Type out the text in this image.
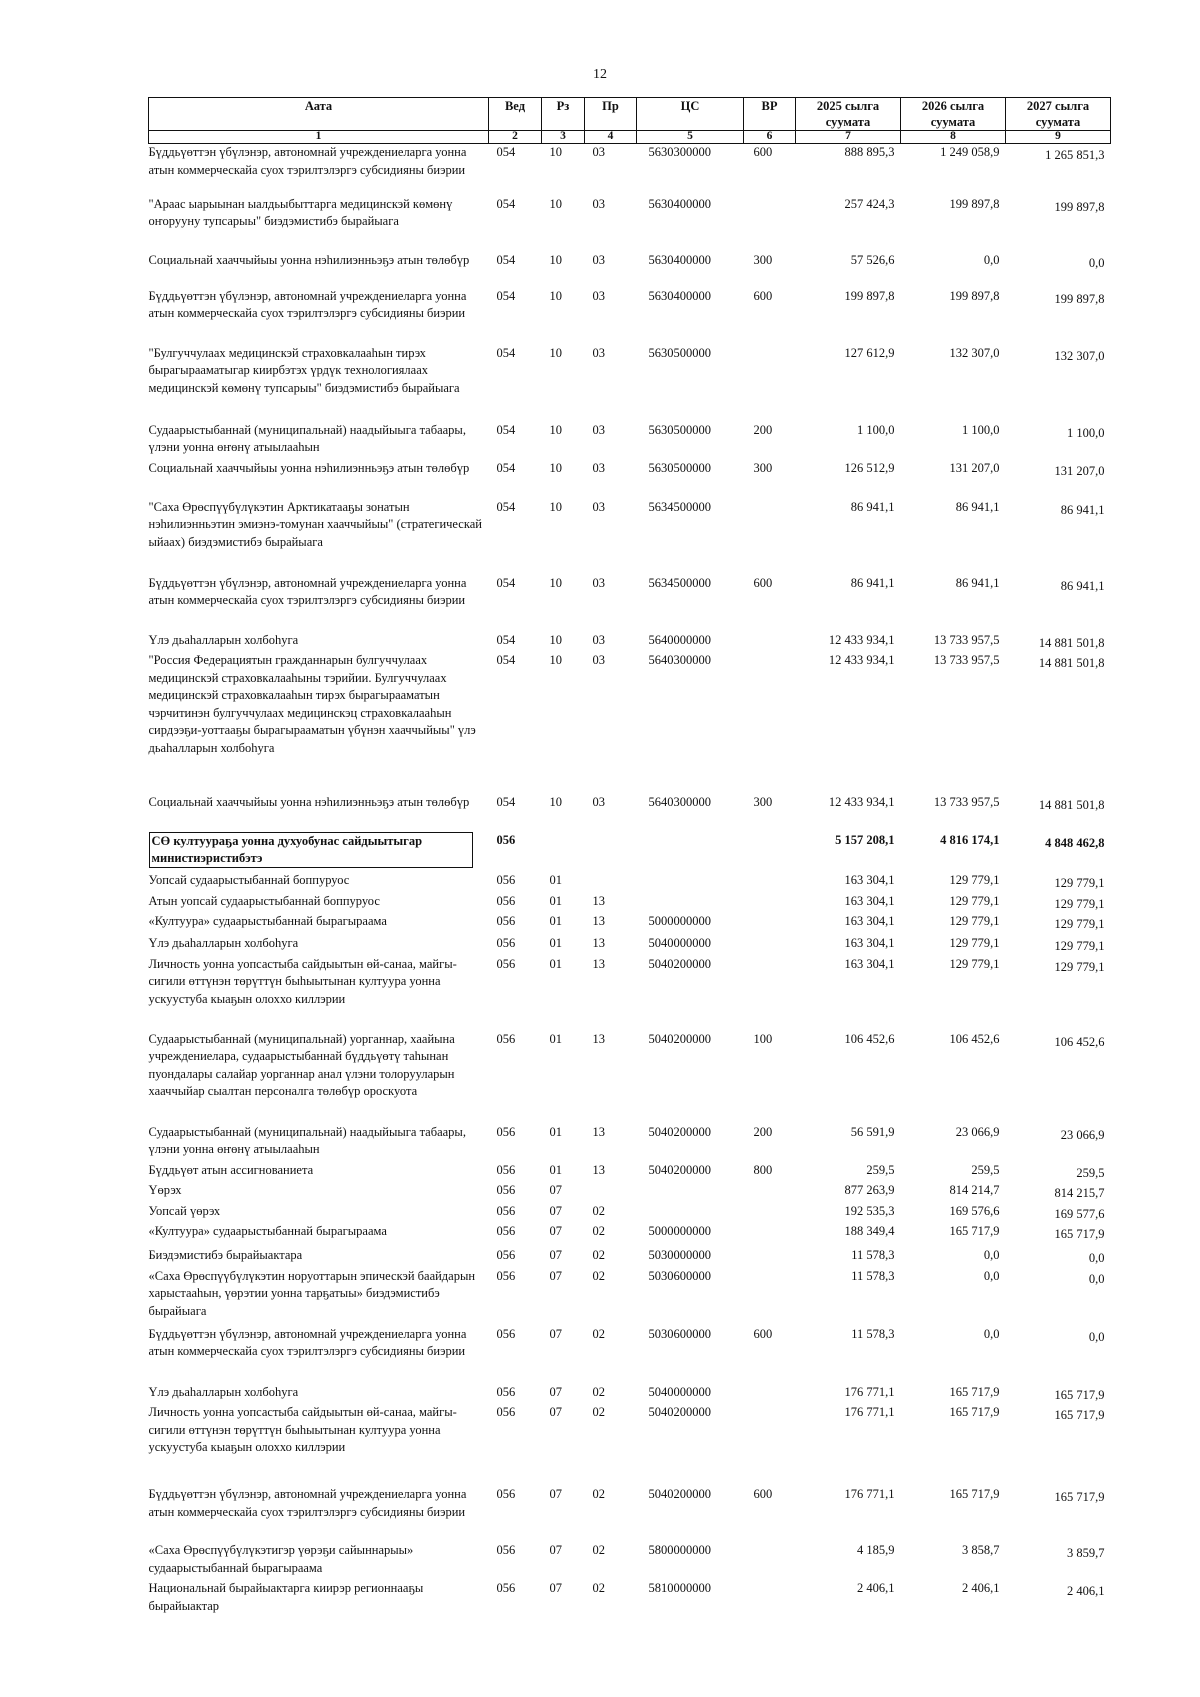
12
Аата	Вед	Рз	Пр	ЦС	ВР	2025 сылга суумата	2026 сылга суумата	2027 сылга суумата
1	2	3	4	5	6	7	8	9
Бүддьүөттэн үбүлэнэр, автономнай учреждениеларга уонна атын коммерческайа суох тэрилтэлэргэ субсидияны биэрии	054	10	03	5630300000	600	888 895,3	1 249 058,9	1 265 851,3
"Араас ыарыынан ыалдьыбыттарга медицинскэй көмөнү оҥорууну тупсарыы" биэдэмистибэ бырайыага	054	10	03	5630400000		257 424,3	199 897,8	199 897,8
Социальнай хааччыйыы уонна нэһилиэнньэҕэ атын төлөбүр	054	10	03	5630400000	300	57 526,6	0,0	0,0
Бүддьүөттэн үбүлэнэр, автономнай учреждениеларга уонна атын коммерческайа суох тэрилтэлэргэ субсидияны биэрии	054	10	03	5630400000	600	199 897,8	199 897,8	199 897,8
"Булгуччулаах медицинскэй страховкалааһын тирэх бырагырааматыгар киирбэтэх үрдүк технологиялаах медицинскэй көмөнү тупсарыы" биэдэмистибэ бырайыага	054	10	03	5630500000		127 612,9	132 307,0	132 307,0
Судаарыстыбаннай (муниципальнай) наадыйыыга табаары, үлэни уонна өҥөнү атыылааһын	054	10	03	5630500000	200	1 100,0	1 100,0	1 100,0
Социальнай хааччыйыы уонна нэһилиэнньэҕэ атын төлөбүр	054	10	03	5630500000	300	126 512,9	131 207,0	131 207,0
"Саха Өрөспүүбүлүкэтин Арктикатааҕы зонатын нэһилиэнньэтин эмиэнэ-томунан хааччыйыы" (стратегическай ыйаах) биэдэмистибэ бырайыага	054	10	03	5634500000		86 941,1	86 941,1	86 941,1
Бүддьүөттэн үбүлэнэр, автономнай учреждениеларга уонна атын коммерческайа суох тэрилтэлэргэ субсидияны биэрии	054	10	03	5634500000	600	86 941,1	86 941,1	86 941,1
Үлэ дьаһалларын холбоһуга	054	10	03	5640000000		12 433 934,1	13 733 957,5	14 881 501,8
"Россия Федерациятын гражданнарын булгуччулаах медицинскэй страховкалааһыны тэрийии. Булгуччулаах медицинскэй страховкалааһын тирэх бырагырааматын чэрчитинэн булгуччулаах медицинскэц страховкалааһын сирдээҕи-уоттааҕы бырагырааматын үбүнэн хааччыйыы" үлэ дьаһалларын холбоһуга	054	10	03	5640300000		12 433 934,1	13 733 957,5	14 881 501,8
Социальнай хааччыйыы уонна нэһилиэнньэҕэ атын төлөбүр	054	10	03	5640300000	300	12 433 934,1	13 733 957,5	14 881 501,8

СӨ култуураҕа уонна духуобунас сайдыытыгар министиэристибэтэ	056					5 157 208,1	4 816 174,1	4 848 462,8
Уопсай судаарыстыбаннай боппуруос	056	01				163 304,1	129 779,1	129 779,1
Атын уопсай судаарыстыбаннай боппуруос	056	01	13			163 304,1	129 779,1	129 779,1
«Култуура» судаарыстыбаннай бырагыраама	056	01	13	5000000000		163 304,1	129 779,1	129 779,1
Үлэ дьаһалларын холбоһуга	056	01	13	5040000000		163 304,1	129 779,1	129 779,1
Личность уонна уопсастыба сайдыытын өй-санаа, майгы-сигили өттүнэн төрүттүн быһыытынан култуура уонна ускуустуба кыаҕын олоххо киллэрии	056	01	13	5040200000		163 304,1	129 779,1	129 779,1
Судаарыстыбаннай (муниципальнай) уорганнар, хаайына учреждениелара, судаарыстыбаннай бүддьүөтү таһынан пуондалары салайар уорганнар анал үлэни толорууларын хааччыйар сыалтан персоналга төлөбүр ороскуота	056	01	13	5040200000	100	106 452,6	106 452,6	106 452,6
Судаарыстыбаннай (муниципальнай) наадыйыыга табаары, үлэни уонна өҥөнү атыылааһын	056	01	13	5040200000	200	56 591,9	23 066,9	23 066,9
Бүддьүөт атын ассигнованиета	056	01	13	5040200000	800	259,5	259,5	259,5
Үөрэх	056	07				877 263,9	814 214,7	814 215,7
Уопсай үөрэх	056	07	02			192 535,3	169 576,6	169 577,6
«Култуура» судаарыстыбаннай бырагыраама	056	07	02	5000000000		188 349,4	165 717,9	165 717,9
Биэдэмистибэ бырайыактара	056	07	02	5030000000		11 578,3	0,0	0,0
«Саха Өрөспүүбүлүкэтин норуоттарын эпическэй баайдарын харыстааһын, үөрэтии уонна тарҕатыы» биэдэмистибэ бырайыага	056	07	02	5030600000		11 578,3	0,0	0,0
Бүддьүөттэн үбүлэнэр, автономнай учреждениеларга уонна атын коммерческайа суох тэрилтэлэргэ субсидияны биэрии	056	07	02	5030600000	600	11 578,3	0,0	0,0
Үлэ дьаһалларын холбоһуга	056	07	02	5040000000		176 771,1	165 717,9	165 717,9
Личность уонна уопсастыба сайдыытын өй-санаа, майгы-сигили өттүнэн төрүттүн быһыытынан култуура уонна ускуустуба кыаҕын олоххо киллэрии	056	07	02	5040200000		176 771,1	165 717,9	165 717,9
Бүддьүөттэн үбүлэнэр, автономнай учреждениеларга уонна атын коммерческайа суох тэрилтэлэргэ субсидияны биэрии	056	07	02	5040200000	600	176 771,1	165 717,9	165 717,9
«Саха Өрөспүүбүлүкэтигэр үөрэҕи сайыннарыы» судаарыстыбаннай бырагыраама	056	07	02	5800000000		4 185,9	3 858,7	3 859,7
Национальнай бырайыактарга киирэр регионнааҕы бырайыактар	056	07	02	5810000000		2 406,1	2 406,1	2 406,1
